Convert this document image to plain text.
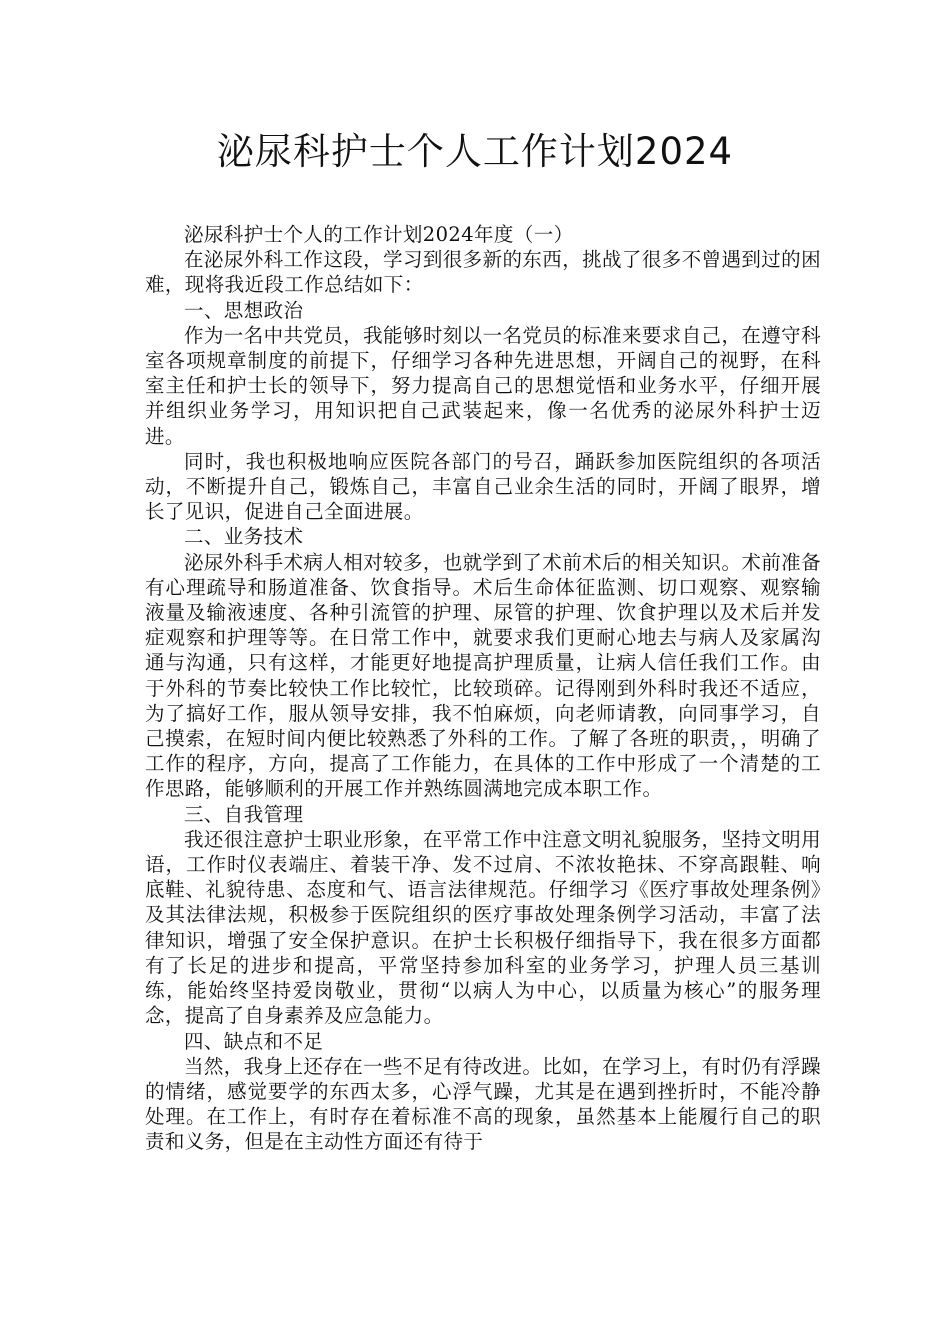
泌尿科护士个人工作计划2024

泌尿科护士个人的工作计划2024年度（一）

在泌尿外科工作这段，学习到很多新的东西，挑战了很多不曾遇到过的困难，现将我近段工作总结如下：

一、思想政治

作为一名中共党员，我能够时刻以一名党员的标准来要求自己，在遵守科室各项规章制度的前提下，仔细学习各种先进思想，开阔自己的视野，在科室主任和护士长的领导下，努力提高自己的思想觉悟和业务水平，仔细开展并组织业务学习，用知识把自己武装起来，像一名优秀的泌尿外科护士迈进。

同时，我也积极地响应医院各部门的号召，踊跃参加医院组织的各项活动，不断提升自己，锻炼自己，丰富自己业余生活的同时，开阔了眼界，增长了见识，促进自己全面进展。

二、业务技术

泌尿外科手术病人相对较多，也就学到了术前术后的相关知识。术前准备有心理疏导和肠道准备、饮食指导。术后生命体征监测、切口观察、观察输液量及输液速度、各种引流管的护理、尿管的护理、饮食护理以及术后并发症观察和护理等等。在日常工作中，就要求我们更耐心地去与病人及家属沟通与沟通，只有这样，才能更好地提高护理质量，让病人信任我们工作。由于外科的节奏比较快工作比较忙，比较琐碎。记得刚到外科时我还不适应，为了搞好工作，服从领导安排，我不怕麻烦，向老师请教，向同事学习，自己摸索，在短时间内便比较熟悉了外科的工作。了解了各班的职责，，明确了工作的程序，方向，提高了工作能力，在具体的工作中形成了一个清楚的工作思路，能够顺利的开展工作并熟练圆满地完成本职工作。

三、自我管理

我还很注意护士职业形象，在平常工作中注意文明礼貌服务，坚持文明用语，工作时仪表端庄、着装干净、发不过肩、不浓妆艳抹、不穿高跟鞋、响底鞋、礼貌待患、态度和气、语言法律规范。仔细学习《医疗事故处理条例》及其法律法规，积极参于医院组织的医疗事故处理条例学习活动，丰富了法律知识，增强了安全保护意识。在护士长积极仔细指导下，我在很多方面都有了长足的进步和提高，平常坚持参加科室的业务学习，护理人员三基训练，能始终坚持爱岗敬业，贯彻“以病人为中心，以质量为核心”的服务理念，提高了自身素养及应急能力。

四、缺点和不足

当然，我身上还存在一些不足有待改进。比如，在学习上，有时仍有浮躁的情绪，感觉要学的东西太多，心浮气躁，尤其是在遇到挫折时，不能冷静处理。在工作上，有时存在着标准不高的现象，虽然基本上能履行自己的职责和义务，但是在主动性方面还有待于
